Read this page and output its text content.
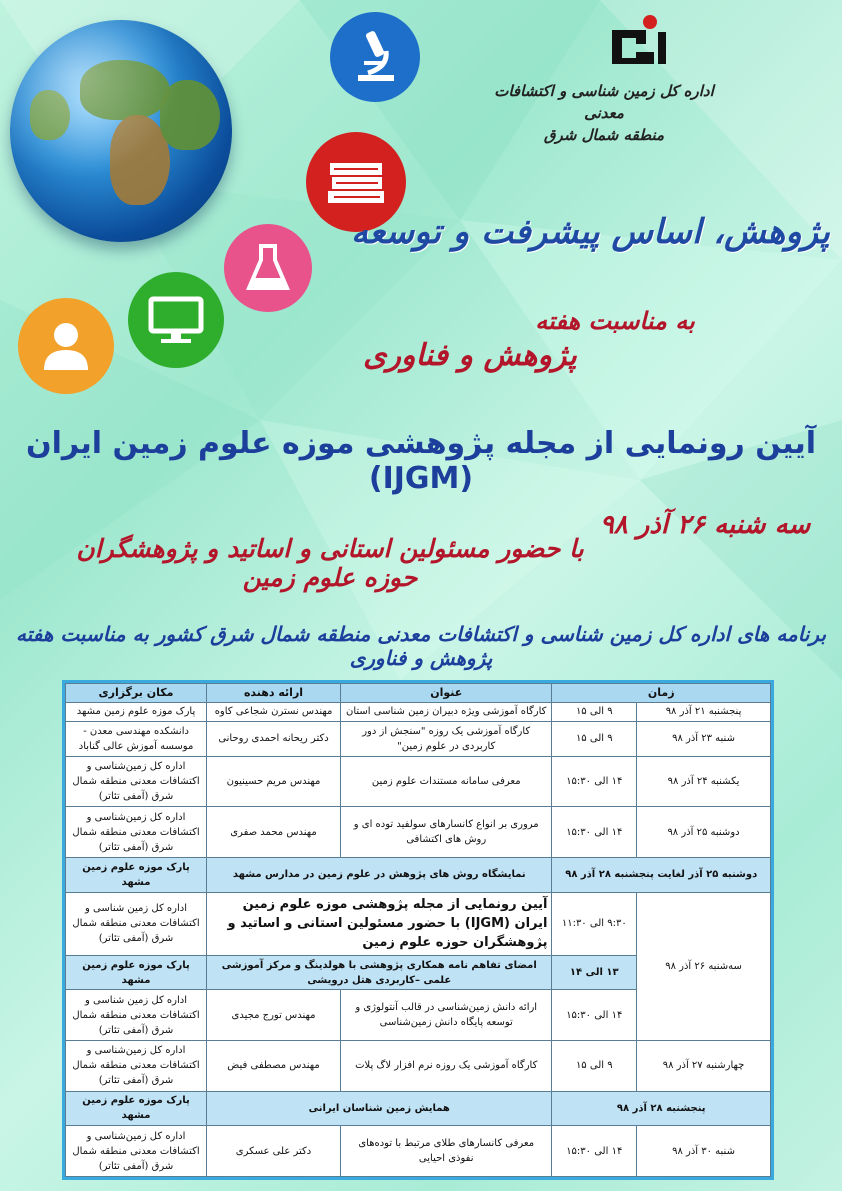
اداره کل زمین شناسی و اکتشافات معدنی
منطقه شمال شرق
پژوهش، اساس پیشرفت و توسعه
به مناسبت هفته
پژوهش و فناوری
آیین رونمایی از مجله پژوهشی موزه علوم زمین ایران (IJGM)
سه شنبه ۲۶ آذر ۹۸
با حضور مسئولین استانی و اساتید و پژوهشگران حوزه علوم زمین
برنامه های اداره کل زمین شناسی و اکتشافات معدنی منطقه شمال شرق کشور به مناسبت هفته پژوهش و فناوری
زمان		عنوان	ارائه دهنده	مکان برگزاری
پنجشنبه ۲۱ آذر ۹۸	۹ الی ۱۵	کارگاه آموزشی ویژه دبیران زمین شناسی استان	مهندس نسترن شجاعی کاوه	پارک موزه علوم زمین مشهد
شنبه ۲۳ آذر ۹۸	۹ الی ۱۵	کارگاه آموزشی یک روزه "سنجش از دور کاربردی در علوم زمین"	دکتر ریحانه احمدی روحانی	دانشکده مهندسی معدن - موسسه آموزش عالی گناباد
یکشنبه ۲۴ آذر ۹۸	۱۴ الی ۱۵:۳۰	معرفی سامانه مستندات علوم زمین	مهندس مریم حسینیون	اداره کل زمین‌شناسی و اکتشافات معدنی منطقه شمال شرق (آمفی تئاتر)
دوشنبه ۲۵ آذر ۹۸	۱۴ الی ۱۵:۳۰	مروری بر انواع کانسارهای سولفید توده ای و روش های اکتشافی	مهندس محمد صفری	اداره کل زمین‌شناسی و اکتشافات معدنی منطقه شمال شرق (آمفی تئاتر)
دوشنبه ۲۵ آذر لغایت پنجشنبه ۲۸ آذر ۹۸		نمایشگاه روش های پژوهش در علوم زمین در مدارس مشهد		پارک موزه علوم زمین مشهد
سه‌شنبه ۲۶ آذر ۹۸	۹:۳۰ الی ۱۱:۳۰	آیین رونمایی از مجله پژوهشی موزه علوم زمین ایران (IJGM) با حضور مسئولین استانی و اساتید و پژوهشگران حوزه علوم زمین		اداره کل زمین شناسی و اکتشافات معدنی منطقه شمال شرق (آمفی تئاتر)
	۱۳ الی ۱۴	امضای تفاهم نامه همکاری پژوهشی با هولدینگ و مرکز آموزشی علمی –کاربردی هتل درویشی		پارک موزه علوم زمین مشهد
	۱۴ الی ۱۵:۳۰	ارائه دانش زمین‌شناسی در قالب آنتولوژی و توسعه پایگاه دانش زمین‌شناسی	مهندس تورج مجیدی	اداره کل زمین شناسی و اکتشافات معدنی منطقه شمال شرق (آمفی تئاتر)
چهارشنبه ۲۷ آذر ۹۸	۹ الی ۱۵	کارگاه آموزشی یک روزه نرم افزار لاگ پلات	مهندس مصطفی فیض	اداره کل زمین‌شناسی و اکتشافات معدنی منطقه شمال شرق (آمفی تئاتر)
پنجشنبه ۲۸ آذر ۹۸		همایش زمین شناسان ایرانی		پارک موزه علوم زمین مشهد
شنبه ۳۰ آذر ۹۸	۱۴ الی ۱۵:۳۰	معرفی کانسارهای طلای مرتبط با توده‌های نفوذی احیایی	دکتر علی عسکری	اداره کل زمین‌شناسی و اکتشافات معدنی منطقه شمال شرق (آمفی تئاتر)
